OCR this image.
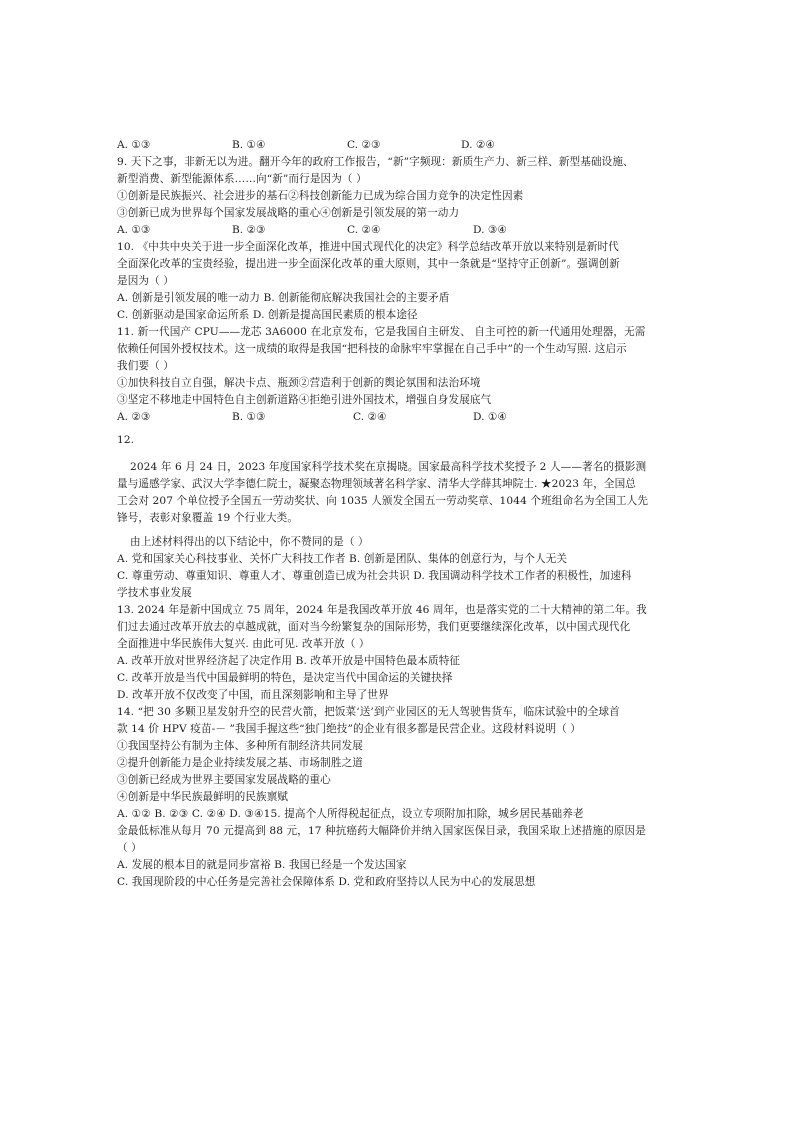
A. ①③	B. ①④	C. ②③	D. ②④
9. 天下之事，非新无以为进。翻开今年的政府工作报告，“新”字频现：新质生产力、新三样、新型基础设施、
新型消费、新型能源体系……向“新”而行是因为（ ）
①创新是民族振兴、社会进步的基石②科技创新能力已成为综合国力竞争的决定性因素
③创新已成为世界每个国家发展战略的重心④创新是引领发展的第一动力
A. ①③	B. ②③	C. ②④	D. ③④
10. 《中共中央关于进一步全面深化改革，推进中国式现代化的决定》科学总结改革开放以来特别是新时代
全面深化改革的宝贵经验，提出进一步全面深化改革的重大原则，其中一条就是“坚持守正创新”。强调创新
是因为（ ）
A. 创新是引领发展的唯一动力 B. 创新能彻底解决我国社会的主要矛盾
C. 创新驱动是国家命运所系 D. 创新是提高国民素质的根本途径
11. 新一代国产 CPU——龙芯 3A6000 在北京发布，它是我国自主研发、 自主可控的新一代通用处理器，无需
依赖任何国外授权技术。这一成绩的取得是我国“把科技的命脉牢牢掌握在自己手中”的一个生动写照. 这启示
我们要（ ）
①加快科技自立自强，解决卡点、瓶颈②营造利于创新的舆论氛围和法治环境
③坚定不移地走中国特色自主创新道路④拒绝引进外国技术，增强自身发展底气
A. ②③	B. ①③	C. ②④	D. ①④
12.
2024 年 6 月 24 日，2023 年度国家科学技术奖在京揭晓。国家最高科学技术奖授予 2 人——著名的摄影测
量与遥感学家、武汉大学李德仁院士，凝聚态物理领域著名科学家、清华大学薛其坤院士. ★2023 年，全国总
工会对 207 个单位授予全国五一劳动奖状、向 1035 人颁发全国五一劳动奖章、1044 个班组命名为全国工人先
锋号，表彰对象覆盖 19 个行业大类。
由上述材料得出的以下结论中，你不赞同的是（ ）
A. 党和国家关心科技事业、关怀广大科技工作者 B. 创新是团队、集体的创意行为，与个人无关
C. 尊重劳动、尊重知识、尊重人才、尊重创造已成为社会共识 D. 我国调动科学技术工作者的积极性，加速科
学技术事业发展
13. 2024 年是新中国成立 75 周年，2024 年是我国改革开放 46 周年，也是落实党的二十大精神的第二年。我
们过去通过改革开放去的卓越成就，面对当今纷繁复杂的国际形势，我们更要继续深化改革，以中国式现代化
全面推进中华民族伟大复兴. 由此可见. 改革开放（ ）
A. 改革开放对世界经济起了决定作用 B. 改革开放是中国特色最本质特征
C. 改革开放是当代中国最鲜明的特色，是决定当代中国命运的关键抉择
D. 改革开放不仅改变了中国，而且深刻影响和主导了世界
14. “把 30 多颗卫星发射升空的民营火箭，把饭菜‘送’到产业园区的无人驾驶售货车，临床试验中的全球首
款 14 价 HPV 疫苗-－ ”我国手握这些“独门绝技”的企业有很多都是民营企业。这段材料说明（ ）
①我国坚持公有制为主体、多种所有制经济共同发展
②提升创新能力是企业持续发展之基、市场制胜之道
③创新已经成为世界主要国家发展战略的重心
④创新是中华民族最鲜明的民族禀赋
A. ①② B. ②③ C. ②④ D. ③④15. 提高个人所得税起征点，设立专项附加扣除，城乡居民基础养老
金最低标准从每月 70 元提高到 88 元，17 种抗癌药大幅降价并纳入国家医保目录，我国采取上述措施的原因是
（ ）
A. 发展的根本目的就是同步富裕 B. 我国已经是一个发达国家
C. 我国现阶段的中心任务是完善社会保障体系 D. 党和政府坚持以人民为中心的发展思想
